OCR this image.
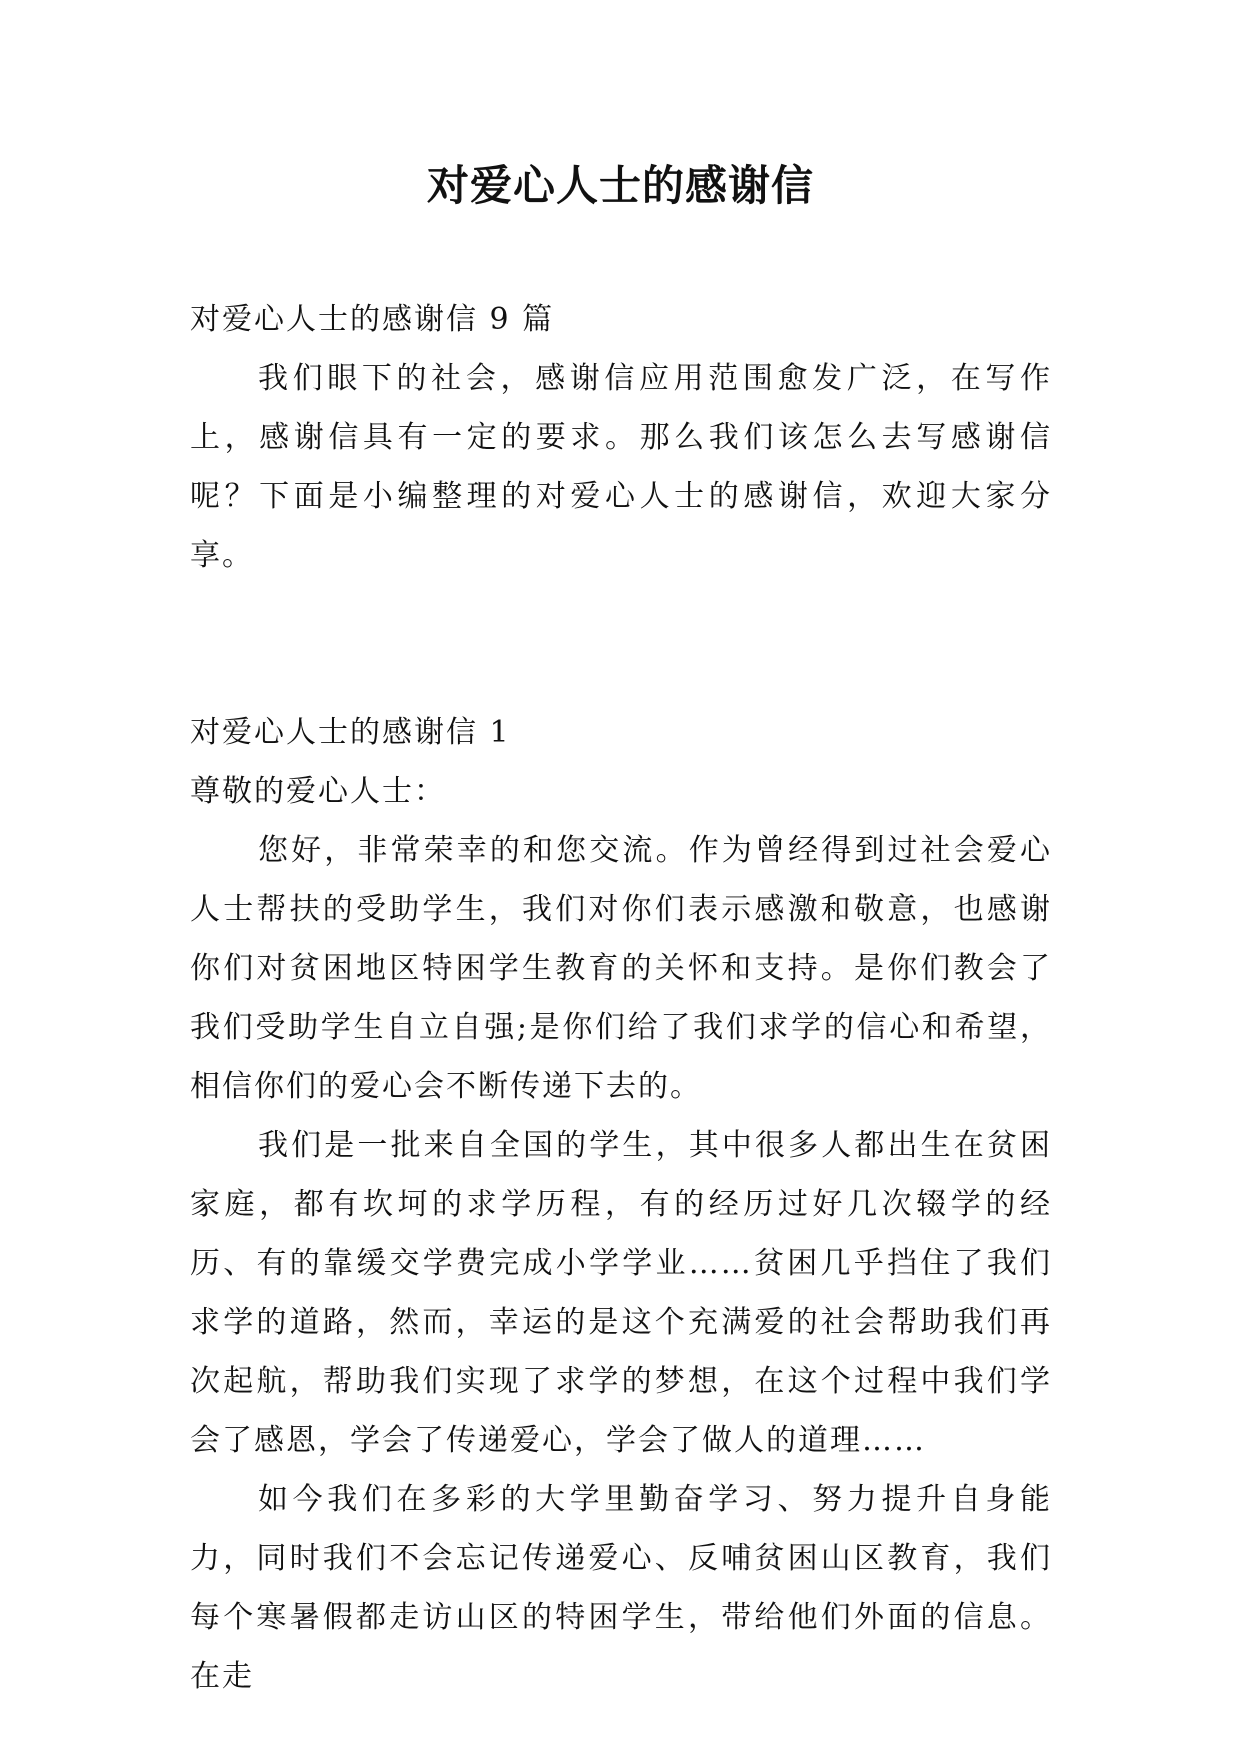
对爱心人士的感谢信

对爱心人士的感谢信 9 篇

我们眼下的社会，感谢信应用范围愈发广泛，在写作上，感谢信具有一定的要求。那么我们该怎么去写感谢信呢？下面是小编整理的对爱心人士的感谢信，欢迎大家分享。

对爱心人士的感谢信 1

尊敬的爱心人士：

您好，非常荣幸的和您交流。作为曾经得到过社会爱心人士帮扶的受助学生，我们对你们表示感激和敬意，也感谢你们对贫困地区特困学生教育的关怀和支持。是你们教会了我们受助学生自立自强;是你们给了我们求学的信心和希望，相信你们的爱心会不断传递下去的。

我们是一批来自全国的学生，其中很多人都出生在贫困家庭，都有坎坷的求学历程，有的经历过好几次辍学的经历、有的靠缓交学费完成小学学业……贫困几乎挡住了我们求学的道路，然而，幸运的是这个充满爱的社会帮助我们再次起航，帮助我们实现了求学的梦想，在这个过程中我们学会了感恩，学会了传递爱心，学会了做人的道理……

如今我们在多彩的大学里勤奋学习、努力提升自身能力，同时我们不会忘记传递爱心、反哺贫困山区教育，我们每个寒暑假都走访山区的特困学生，带给他们外面的信息。在走
